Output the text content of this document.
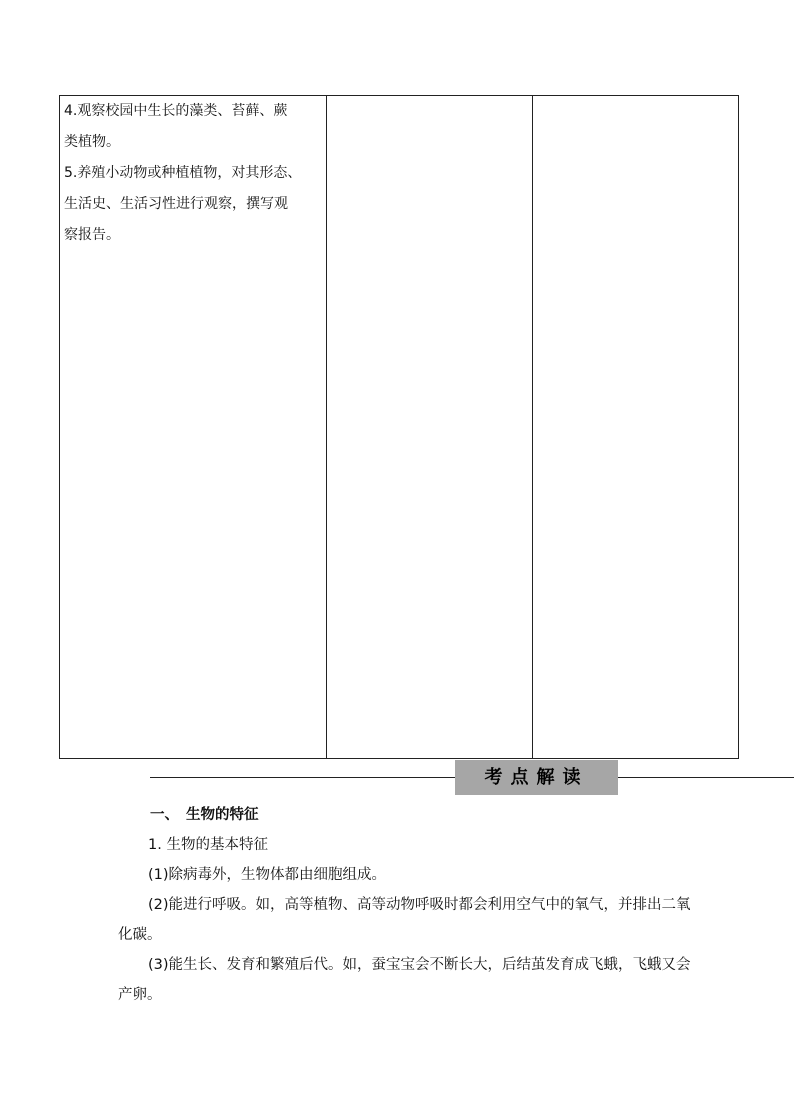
4.观察校园中生长的藻类、苔藓、蕨

类植物。

5.养殖小动物或种植植物，对其形态、

生活史、生活习性进行观察，撰写观

察报告。

考点解读

一、 生物的特征

1. 生物的基本特征

(1)除病毒外，生物体都由细胞组成。

(2)能进行呼吸。如，高等植物、高等动物呼吸时都会利用空气中的氧气，并排出二氧化碳。

(3)能生长、发育和繁殖后代。如，蚕宝宝会不断长大，后结茧发育成飞蛾，飞蛾又会产卵。
